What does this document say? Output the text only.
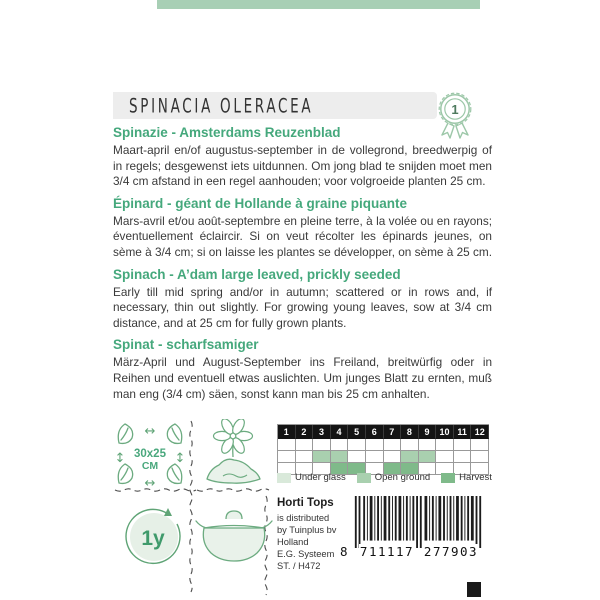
SPINACIA OLERACEA	1
Spinazie - Amsterdams Reuzenblad

Maart-april en/of augustus-september in de vollegrond, breedwerpig of in regels; desgewenst iets uitdunnen. Om jong blad te snijden moet men 3/4 cm afstand in een regel aanhouden; voor volgroeide planten 25 cm.

Épinard - géant de Hollande à graine piquante

Mars-avril et/ou août-septembre en pleine terre, à la volée ou en rayons; éventuellement éclaircir. Si on veut récolter les épinards jeunes, on sème à 3/4 cm; si on laisse les plantes se développer, on sème à 25 cm.

Spinach - A’dam large leaved, prickly seeded

Early till mid spring and/or in autumn; scattered or in rows and, if necessary, thin out slightly. For growing young leaves, sow at 3/4 cm distance, and at 25 cm for fully grown plants.

Spinat - scharfsamiger

März-April und August-September ins Freiland, breitwürfig oder in Reihen und eventuell etwas auslichten. Um junges Blatt zu ernten, muß man eng (3/4 cm) säen, sonst kann man bis 25 cm anhalten.

↔
↔
↕	↕
30x25
CM
1y
1	2	3	4	5	6	7	8	9	10 11 12
Under glass	Open ground	Harvest
Horti Tops
is distributed
by Tuinplus bv
Holland
E.G. Systeem
ST. / H472
8 711117 277903
